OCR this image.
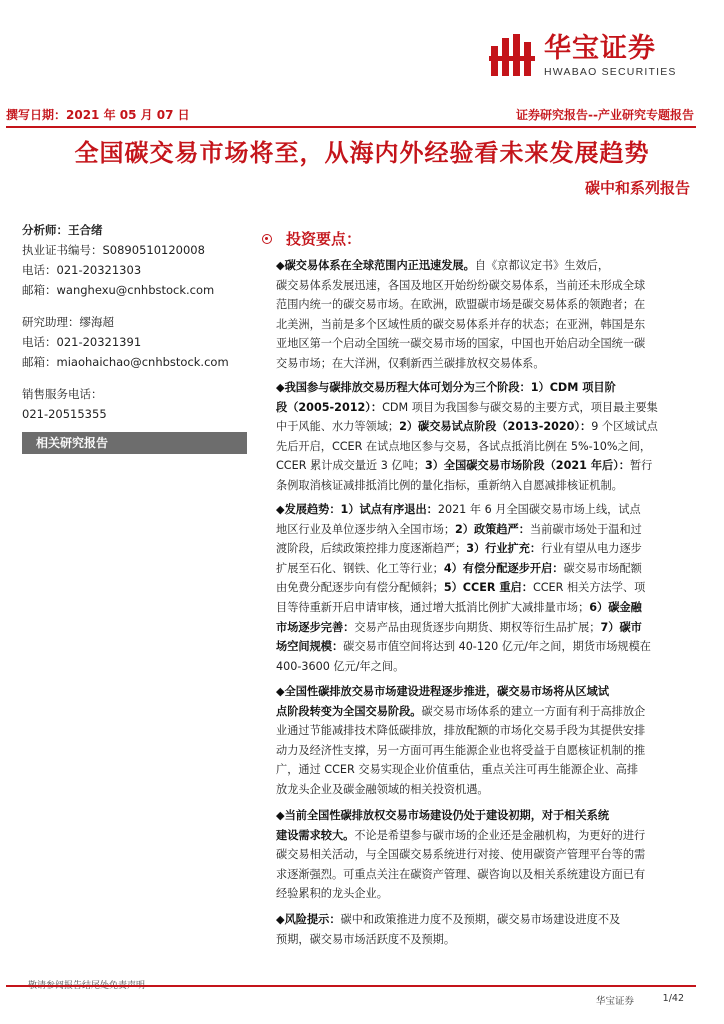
华宝证券
HWABAO SECURITIES
撰写日期：2021 年 05 月 07 日	证券研究报告--产业研究专题报告
全国碳交易市场将至，从海内外经验看未来发展趋势
碳中和系列报告
分析师：王合绪
执业证书编号：S0890510120008
电话：021-20321303
邮箱：wanghexu@cnhbstock.com
研究助理：缪海超
电话：021-20321391
邮箱：miaohaichao@cnhbstock.com
销售服务电话：
021-20515355
相关研究报告
投资要点：
◆碳交易体系在全球范围内正迅速发展。自《京都议定书》生效后，
碳交易体系发展迅速，各国及地区开始纷纷碳交易体系，当前还未形成全球
范围内统一的碳交易市场。在欧洲，欧盟碳市场是碳交易体系的领跑者；在
北美洲，当前是多个区域性质的碳交易体系并存的状态；在亚洲，韩国是东
亚地区第一个启动全国统一碳交易市场的国家，中国也开始启动全国统一碳
交易市场；在大洋洲，仅剩新西兰碳排放权交易体系。
◆我国参与碳排放交易历程大体可划分为三个阶段：1）CDM 项目阶
段（2005-2012）：CDM 项目为我国参与碳交易的主要方式，项目最主要集
中于风能、水力等领域；2）碳交易试点阶段（2013-2020）：9 个区域试点
先后开启，CCER 在试点地区参与交易，各试点抵消比例在 5%-10%之间，
CCER 累计成交量近 3 亿吨；3）全国碳交易市场阶段（2021 年后）：暂行
条例取消核证减排抵消比例的量化指标，重新纳入自愿减排核证机制。
◆发展趋势：1）试点有序退出：2021 年 6 月全国碳交易市场上线，试点
地区行业及单位逐步纳入全国市场；2）政策趋严：当前碳市场处于温和过
渡阶段，后续政策控排力度逐渐趋严；3）行业扩充：行业有望从电力逐步
扩展至石化、钢铁、化工等行业；4）有偿分配逐步开启：碳交易市场配额
由免费分配逐步向有偿分配倾斜；5）CCER 重启：CCER 相关方法学、项
目等待重新开启申请审核，通过增大抵消比例扩大减排量市场；6）碳金融
市场逐步完善：交易产品由现货逐步向期货、期权等衍生品扩展；7）碳市
场空间规模：碳交易市值空间将达到 40-120 亿元/年之间，期货市场规模在
400-3600 亿元/年之间。
◆全国性碳排放交易市场建设进程逐步推进，碳交易市场将从区域试
点阶段转变为全国交易阶段。碳交易市场体系的建立一方面有利于高排放企
业通过节能减排技术降低碳排放，排放配额的市场化交易手段为其提供安排
动力及经济性支撑，另一方面可再生能源企业也将受益于自愿核证机制的推
广，通过 CCER 交易实现企业价值重估，重点关注可再生能源企业、高排
放龙头企业及碳金融领域的相关投资机遇。
◆当前全国性碳排放权交易市场建设仍处于建设初期，对于相关系统
建设需求较大。不论是希望参与碳市场的企业还是金融机构，为更好的进行
碳交易相关活动，与全国碳交易系统进行对接、使用碳资产管理平台等的需
求逐渐强烈。可重点关注在碳资产管理、碳咨询以及相关系统建设方面已有
经验累积的龙头企业。
◆风险提示：碳中和政策推进力度不及预期，碳交易市场建设进度不及
预期，碳交易市场活跃度不及预期。
华宝证券	1/42
